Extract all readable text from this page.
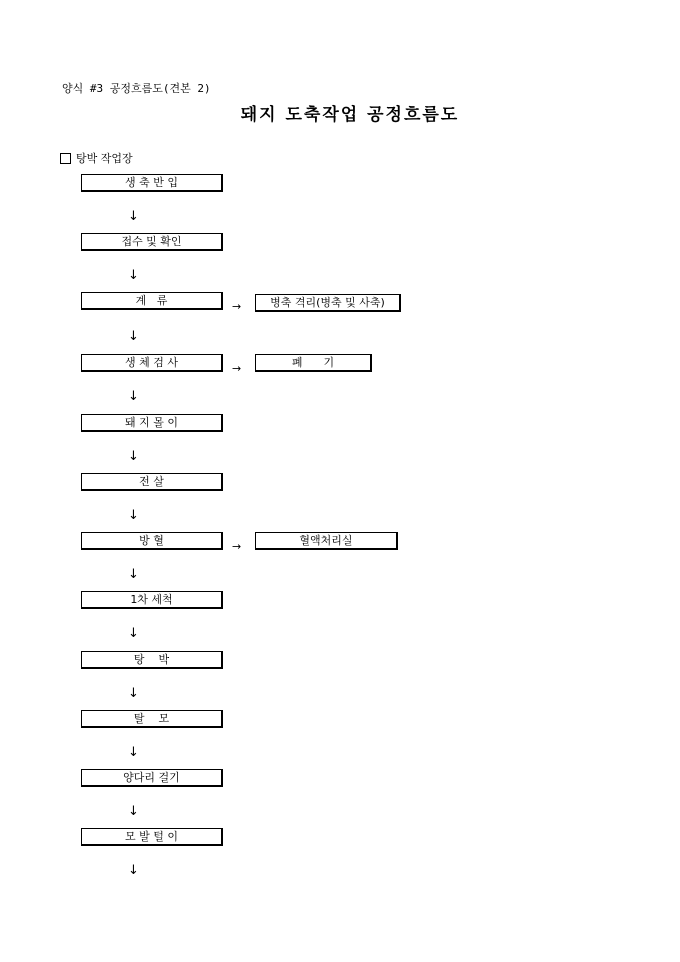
양식 #3 공정흐름도(견본 2)
돼지 도축작업 공정흐름도
탕박 작업장
생 축 반 입
↓
접수 및 확인
↓
계   류	→	병축 격리(병축 및 사축)
↓
생 체 검 사	→	폐      기
↓
돼 지 몰 이
↓
전 살
↓
방 혈	→	혈액처리실
↓
1차 세척
↓
탕    박
↓
탈    모
↓
양다리 걸기
↓
모 발 털 이
↓
